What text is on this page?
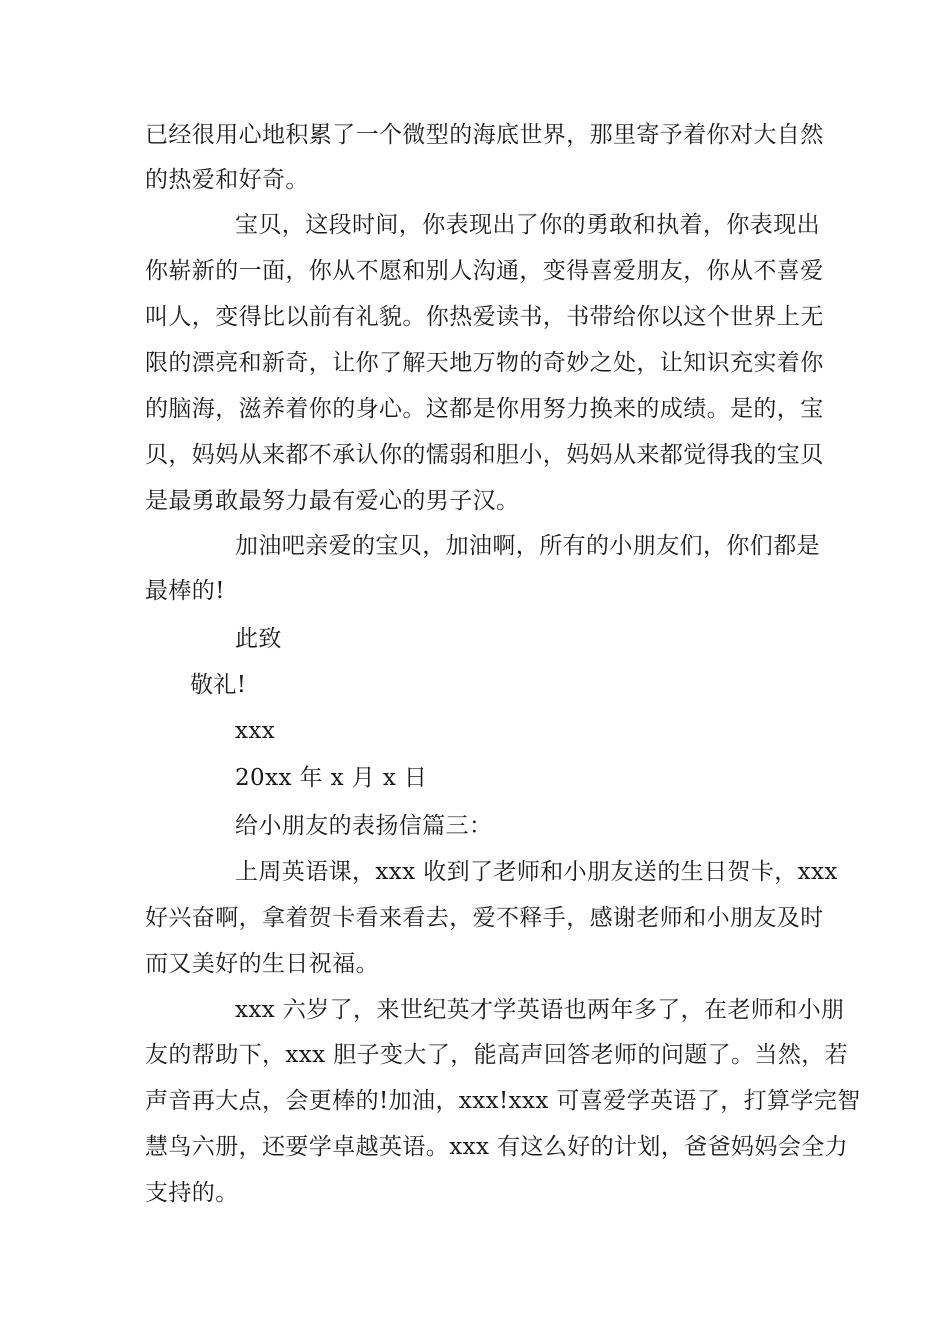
已经很用心地积累了一个微型的海底世界，那里寄予着你对大自然
的热爱和好奇。
宝贝，这段时间，你表现出了你的勇敢和执着，你表现出
你崭新的一面，你从不愿和别人沟通，变得喜爱朋友，你从不喜爱
叫人，变得比以前有礼貌。你热爱读书，书带给你以这个世界上无
限的漂亮和新奇，让你了解天地万物的奇妙之处，让知识充实着你
的脑海，滋养着你的身心。这都是你用努力换来的成绩。是的，宝
贝，妈妈从来都不承认你的懦弱和胆小，妈妈从来都觉得我的宝贝
是最勇敢最努力最有爱心的男子汉。
加油吧亲爱的宝贝，加油啊，所有的小朋友们，你们都是
最棒的!
此致
敬礼!
xxx
20xx 年 x 月 x 日
给小朋友的表扬信篇三：
上周英语课，xxx 收到了老师和小朋友送的生日贺卡，xxx
好兴奋啊，拿着贺卡看来看去，爱不释手，感谢老师和小朋友及时
而又美好的生日祝福。
xxx 六岁了，来世纪英才学英语也两年多了，在老师和小朋
友的帮助下，xxx 胆子变大了，能高声回答老师的问题了。当然，若
声音再大点，会更棒的!加油，xxx!xxx 可喜爱学英语了，打算学完智
慧鸟六册，还要学卓越英语。xxx 有这么好的计划，爸爸妈妈会全力
支持的。
